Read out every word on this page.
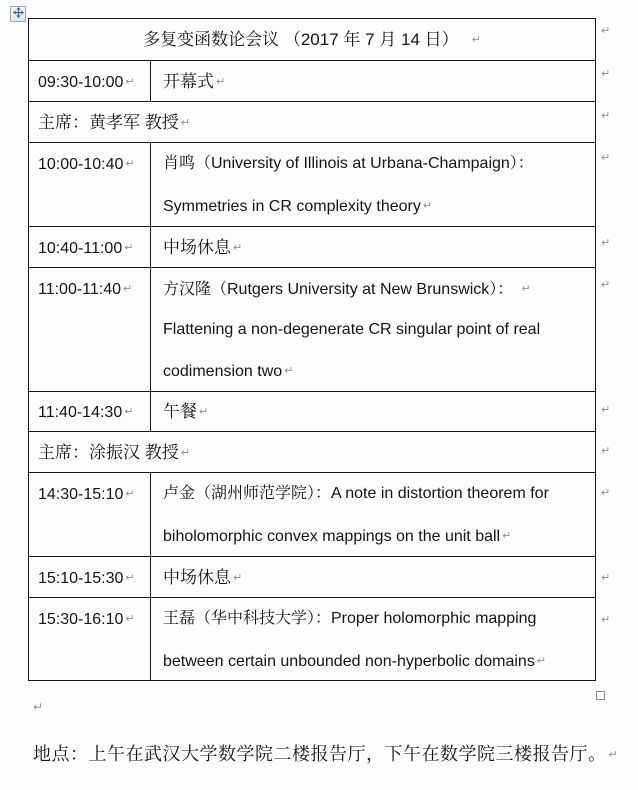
多复变函数论会议 （2017 年 7 月 14 日） ↵
09:30-10:00 ↵	开幕式 ↵
主席：黄孝军 教授 ↵
10:00-10:40 ↵	肖鸣（University of Illinois at Urbana-Champaign）：
Symmetries in CR complexity theory ↵
10:40-11:00 ↵	中场休息 ↵
11:00-11:40 ↵	方汉隆（Rutgers University at New Brunswick）： ↵
Flattening a non-degenerate CR singular point of real
codimension two ↵
11:40-14:30 ↵	午餐 ↵
主席：涂振汉 教授 ↵
14:30-15:10 ↵	卢金（湖州师范学院）：A note in distortion theorem for
biholomorphic convex mappings on the unit ball ↵
15:10-15:30 ↵	中场休息 ↵
15:30-16:10 ↵	王磊（华中科技大学）：Proper holomorphic mapping
between certain unbounded non-hyperbolic domains ↵
↵
↵
↵
↵
↵
↵
↵
↵
↵
↵
↵
↵
地点：上午在武汉大学数学院二楼报告厅，下午在数学院三楼报告厅。 ↵
